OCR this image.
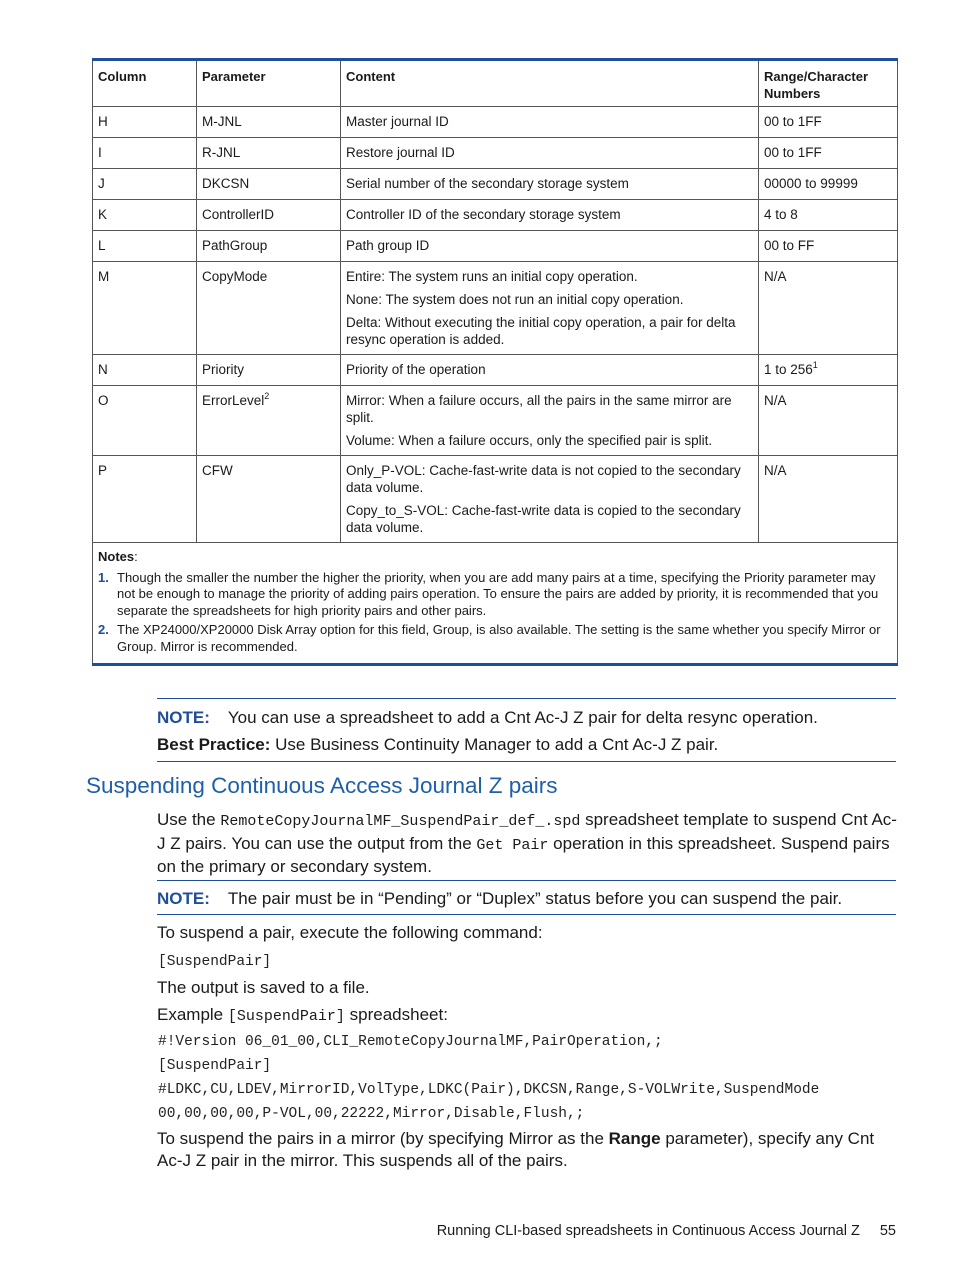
Column	Parameter	Content	Range/Character Numbers
H	M-JNL	Master journal ID	00 to 1FF
I	R-JNL	Restore journal ID	00 to 1FF
J	DKCSN	Serial number of the secondary storage system	00000 to 99999
K	ControllerID	Controller ID of the secondary storage system	4 to 8
L	PathGroup	Path group ID	00 to FF
M	CopyMode	Entire: The system runs an initial copy operation.

None: The system does not run an initial copy operation.

Delta: Without executing the initial copy operation, a pair for delta resync operation is added.	N/A
N	Priority	Priority of the operation	1 to $256^1$
O	ErrorLevel$^2$	Mirror: When a failure occurs, all the pairs in the same mirror are split.

Volume: When a failure occurs, only the specified pair is split.	N/A
P	CFW	Only_P-VOL: Cache-fast-write data is not copied to the secondary data volume.

Copy_to_S-VOL: Cache-fast-write data is copied to the secondary data volume.	N/A

Notes:
1. Though the smaller the number the higher the priority, when you are add many pairs at a time, specifying the Priority parameter may not be enough to manage the priority of adding pairs operation. To ensure the pairs are added by priority, it is recommended that you separate the spreadsheets for high priority pairs and other pairs.
2. The XP24000/XP20000 Disk Array option for this field, Group, is also available. The setting is the same whether you specify Mirror or Group. Mirror is recommended.			
NOTE: You can use a spreadsheet to add a Cnt Ac-J Z pair for delta resync operation.
Best Practice: Use Business Continuity Manager to add a Cnt Ac-J Z pair.
Suspending Continuous Access Journal Z pairs

Use the RemoteCopyJournalMF_SuspendPair_def_.spd spreadsheet template to suspend Cnt Ac-J Z pairs. You can use the output from the Get Pair operation in this spreadsheet. Suspend pairs on the primary or secondary system.

NOTE: The pair must be in “Pending” or “Duplex” status before you can suspend the pair.

To suspend a pair, execute the following command:

[SuspendPair]

The output is saved to a file.

Example [SuspendPair] spreadsheet:

#!Version 06_01_00,CLI_RemoteCopyJournalMF,PairOperation,;

[SuspendPair]

#LDKC,CU,LDEV,MirrorID,VolType,LDKC(Pair),DKCSN,Range,S-VOLWrite,SuspendMode

00,00,00,00,P-VOL,00,22222,Mirror,Disable,Flush,;

To suspend the pairs in a mirror (by specifying Mirror as the Range parameter), specify any Cnt Ac-J Z pair in the mirror. This suspends all of the pairs.

Running CLI-based spreadsheets in Continuous Access Journal Z 55
